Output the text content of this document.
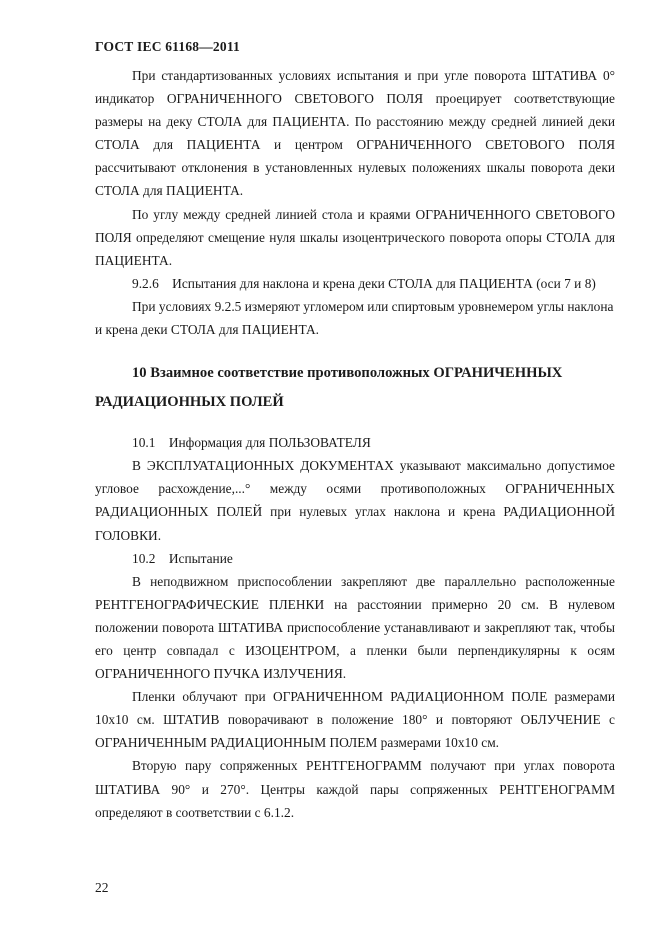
ГОСТ IEC 61168—2011

При стандартизованных условиях испытания и при угле поворота ШТАТИВА 0° индикатор ОГРАНИЧЕННОГО СВЕТОВОГО ПОЛЯ проецирует соответствующие размеры на деку СТОЛА для ПАЦИЕНТА. По расстоянию между средней линией деки СТОЛА для ПАЦИЕНТА и центром ОГРАНИЧЕННОГО СВЕТОВОГО ПОЛЯ рассчитывают отклонения в установленных нулевых положениях шкалы поворота деки СТОЛА для ПАЦИЕНТА.

По углу между средней линией стола и краями ОГРАНИЧЕННОГО СВЕТОВОГО ПОЛЯ определяют смещение нуля шкалы изоцентрического поворота опоры СТОЛА для ПАЦИЕНТА.

9.2.6    Испытания для наклона и крена деки СТОЛА для ПАЦИЕНТА (оси 7 и 8)

При условиях 9.2.5 измеряют угломером или спиртовым уровнемером углы наклона и крена деки СТОЛА для ПАЦИЕНТА.

10 Взаимное соответствие противоположных ОГРАНИЧЕННЫХ РАДИАЦИОННЫХ ПОЛЕЙ

10.1    Информация для ПОЛЬЗОВАТЕЛЯ

В ЭКСПЛУАТАЦИОННЫХ ДОКУМЕНТАХ указывают максимально допустимое угловое расхождение,...° между осями противоположных ОГРАНИЧЕННЫХ РАДИАЦИОННЫХ ПОЛЕЙ при нулевых углах наклона и крена РАДИАЦИОННОЙ ГОЛОВКИ.

10.2    Испытание

В неподвижном приспособлении закрепляют две параллельно расположенные РЕНТГЕНОГРАФИЧЕСКИЕ ПЛЕНКИ на расстоянии примерно 20 см. В нулевом положении поворота ШТАТИВА приспособление устанавливают и закрепляют так, чтобы его центр совпадал с ИЗОЦЕНТРОМ, а пленки были перпендикулярны к осям ОГРАНИЧЕННОГО ПУЧКА ИЗЛУЧЕНИЯ.

Пленки облучают при ОГРАНИЧЕННОМ РАДИАЦИОННОМ ПОЛЕ размерами 10x10 см. ШТАТИВ поворачивают в положение 180° и повторяют ОБЛУЧЕНИЕ с ОГРАНИЧЕННЫМ РАДИАЦИОННЫМ ПОЛЕМ размерами 10x10 см.

Вторую пару сопряженных РЕНТГЕНОГРАММ получают при углах поворота ШТАТИВА 90° и 270°. Центры каждой пары сопряженных РЕНТГЕНОГРАММ определяют в соответствии с 6.1.2.

22
